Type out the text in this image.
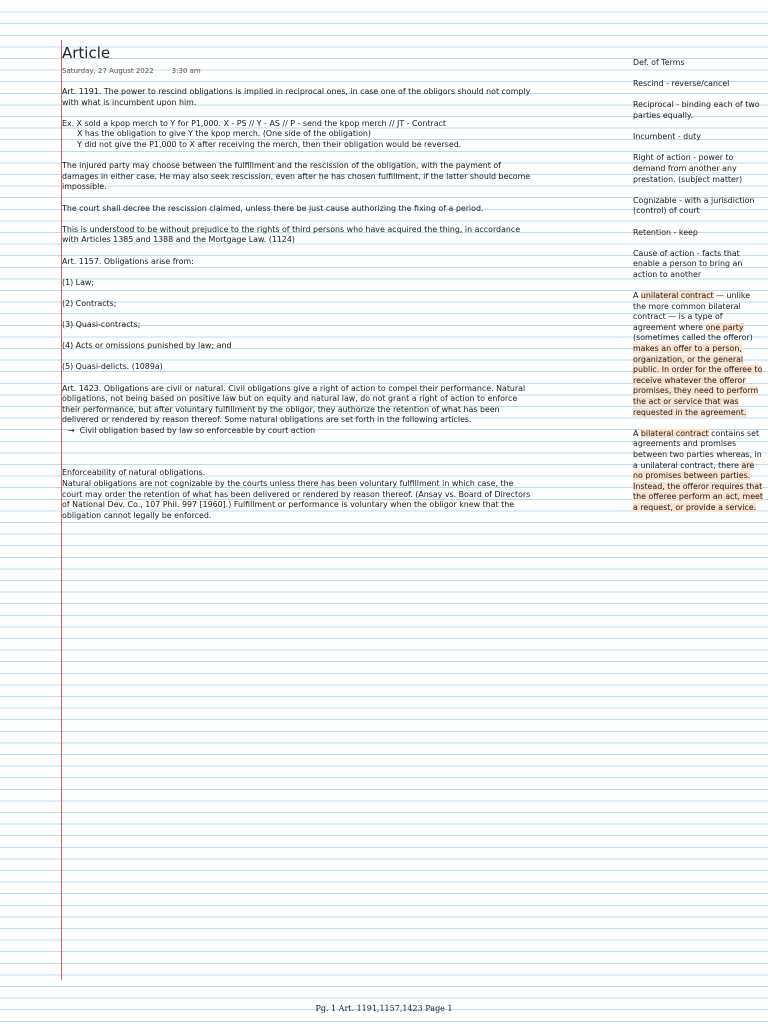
Article
Saturday, 27 August 2022	3:30 am

Art. 1191. The power to rescind obligations is implied in reciprocal ones, in case one of the obligors should not comply with what is incumbent upon him.

Ex. X sold a kpop merch to Y for P1,000. X - PS // Y - AS // P - send the kpop merch // JT - Contract
X has the obligation to give Y the kpop merch. (One side of the obligation)
Y did not give the P1,000 to X after receiving the merch, then their obligation would be reversed.

The injured party may choose between the fulfillment and the rescission of the obligation, with the payment of damages in either case. He may also seek rescission, even after he has chosen fulfillment, if the latter should become impossible.

The court shall decree the rescission claimed, unless there be just cause authorizing the fixing of a period.

This is understood to be without prejudice to the rights of third persons who have acquired the thing, in accordance with Articles 1385 and 1388 and the Mortgage Law. (1124)

Art. 1157. Obligations arise from:

(1) Law;

(2) Contracts;

(3) Quasi-contracts;

(4) Acts or omissions punished by law; and

(5) Quasi-delicts. (1089a)

Art. 1423. Obligations are civil or natural. Civil obligations give a right of action to compel their performance. Natural obligations, not being based on positive law but on equity and natural law, do not grant a right of action to enforce their performance, but after voluntary fulfillment by the obligor, they authorize the retention of what has been delivered or rendered by reason thereof. Some natural obligations are set forth in the following articles.

→ Civil obligation based by law so enforceable by court action

Enforceability of natural obligations.
Natural obligations are not cognizable by the courts unless there has been voluntary fulfillment in which case, the court may order the retention of what has been delivered or rendered by reason thereof. (Ansay vs. Board of Directors of National Dev. Co., 107 Phil. 997 [1960].) Fulfillment or performance is voluntary when the obligor knew that the obligation cannot legally be enforced.

Def. of Terms

Rescind - reverse/cancel

Reciprocal - binding each of two parties equally.

Incumbent - duty

Right of action - power to demand from another any prestation. (subject matter)

Cognizable - with a jurisdiction (control) of court

Retention - keep

Cause of action - facts that enable a person to bring an action to another

A unilateral contract — unlike the more common bilateral contract — is a type of agreement where one party (sometimes called the offeror) makes an offer to a person, organization, or the general public. In order for the offeree to receive whatever the offeror promises, they need to perform the act or service that was requested in the agreement.

A bilateral contract contains set agreements and promises between two parties whereas, in a unilateral contract, there are no promises between parties. Instead, the offeror requires that the offeree perform an act, meet a request, or provide a service.

Pg. 1 Art. 1191,1157,1423 Page 1
